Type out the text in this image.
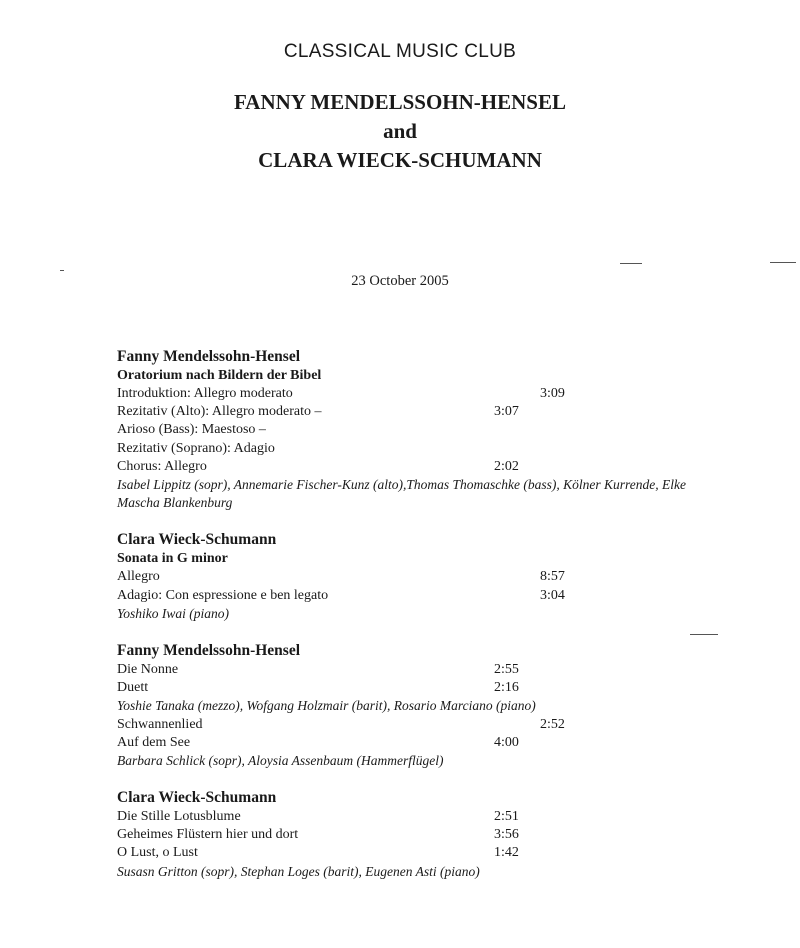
CLASSICAL MUSIC CLUB
FANNY MENDELSSOHN-HENSEL
and
CLARA WIECK-SCHUMANN
23 October 2005
Fanny Mendelssohn-Hensel
Oratorium nach Bildern der Bibel
Introduktion: Allegro moderato	3:09
Rezitativ (Alto): Allegro moderato –	3:07
Arioso (Bass): Maestoso –
Rezitativ (Soprano): Adagio
Chorus: Allegro	2:02
Isabel Lippitz (sopr), Annemarie Fischer-Kunz (alto),Thomas Thomaschke (bass), Kölner Kurrende, Elke Mascha Blankenburg
Clara Wieck-Schumann
Sonata in G minor
Allegro	8:57
Adagio: Con espressione e ben legato	3:04
Yoshiko Iwai (piano)
Fanny Mendelssohn-Hensel
Die Nonne	2:55
Duett	2:16
Yoshie Tanaka (mezzo), Wofgang Holzmair (barit), Rosario Marciano (piano)
Schwannenlied	2:52
Auf dem See	4:00
Barbara Schlick (sopr), Aloysia Assenbaum (Hammerflügel)
Clara Wieck-Schumann
Die Stille Lotusblume	2:51
Geheimes Flüstern hier und dort	3:56
O Lust, o Lust	1:42
Susasn Gritton (sopr), Stephan Loges (barit), Eugenen Asti (piano)
